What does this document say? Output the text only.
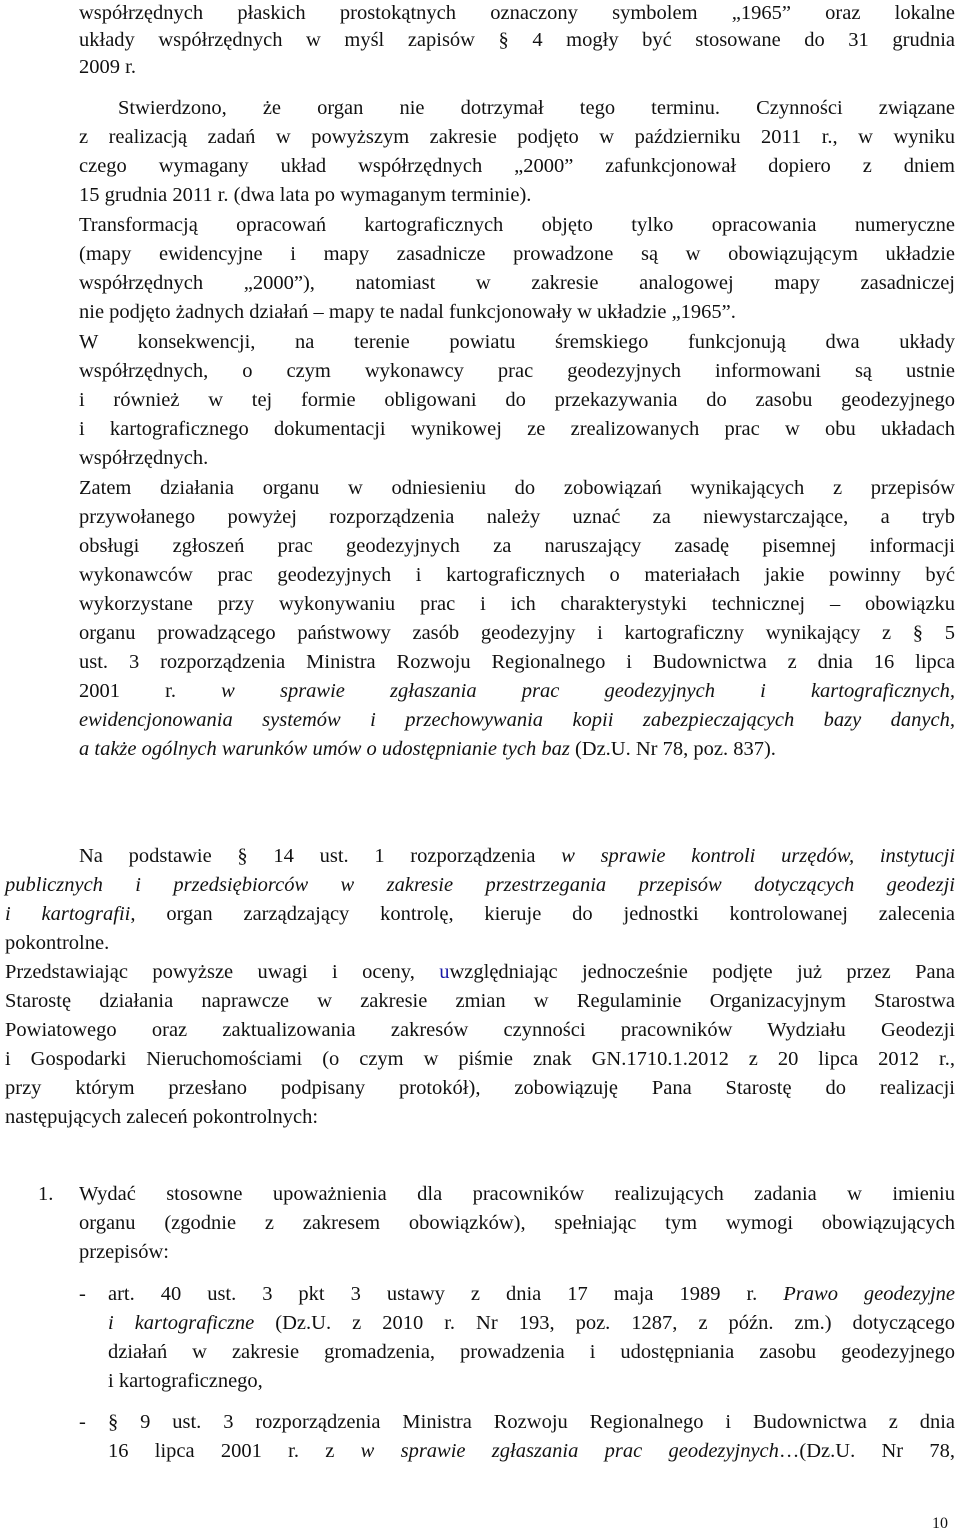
współrzędnych płaskich prostokątnych oznaczony symbolem „1965” oraz lokalne
układy współrzędnych w myśl zapisów § 4 mogły być stosowane do 31 grudnia
2009 r.
Stwierdzono, że organ nie dotrzymał tego terminu. Czynności związane
z realizacją zadań w powyższym zakresie podjęto w październiku 2011 r., w wyniku
czego wymagany układ współrzędnych „2000” zafunkcjonował dopiero z dniem
15 grudnia 2011 r. (dwa lata po wymaganym terminie).
Transformacją opracowań kartograficznych objęto tylko opracowania numeryczne
(mapy ewidencyjne i mapy zasadnicze prowadzone są w obowiązującym układzie
współrzędnych „2000”), natomiast w zakresie analogowej mapy zasadniczej
nie podjęto żadnych działań – mapy te nadal funkcjonowały w układzie „1965”.
W konsekwencji, na terenie powiatu śremskiego funkcjonują dwa układy
współrzędnych, o czym wykonawcy prac geodezyjnych informowani są ustnie
i również w tej formie obligowani do przekazywania do zasobu geodezyjnego
i kartograficznego dokumentacji wynikowej ze zrealizowanych prac w obu układach
współrzędnych.
Zatem działania organu w odniesieniu do zobowiązań wynikających z przepisów
przywołanego powyżej rozporządzenia należy uznać za niewystarczające, a tryb
obsługi zgłoszeń prac geodezyjnych za naruszający zasadę pisemnej informacji
wykonawców prac geodezyjnych i kartograficznych o materiałach jakie powinny być
wykorzystane przy wykonywaniu prac i ich charakterystyki technicznej – obowiązku
organu prowadzącego państwowy zasób geodezyjny i kartograficzny wynikający z § 5
ust. 3 rozporządzenia Ministra Rozwoju Regionalnego i Budownictwa z dnia 16 lipca
2001 r. w sprawie zgłaszania prac geodezyjnych i kartograficznych,
ewidencjonowania systemów i przechowywania kopii zabezpieczających bazy danych,
a także ogólnych warunków umów o udostępnianie tych baz (Dz.U. Nr 78, poz. 837).
Na podstawie § 14 ust. 1 rozporządzenia w sprawie kontroli urzędów, instytucji
publicznych i przedsiębiorców w zakresie przestrzegania przepisów dotyczących geodezji
i kartografii, organ zarządzający kontrolę, kieruje do jednostki kontrolowanej zalecenia
pokontrolne.
Przedstawiając powyższe uwagi i oceny, uwzględniając jednocześnie podjęte już przez Pana
Starostę działania naprawcze w zakresie zmian w Regulaminie Organizacyjnym Starostwa
Powiatowego oraz zaktualizowania zakresów czynności pracowników Wydziału Geodezji
i Gospodarki Nieruchomościami (o czym w piśmie znak GN.1710.1.2012 z 20 lipca 2012 r.,
przy którym przesłano podpisany protokół), zobowiązuję Pana Starostę do realizacji
następujących zaleceń pokontrolnych:
1. Wydać stosowne upoważnienia dla pracowników realizujących zadania w imieniu
organu (zgodnie z zakresem obowiązków), spełniając tym wymogi obowiązujących
przepisów:
- art. 40 ust. 3 pkt 3 ustawy z dnia 17 maja 1989 r. Prawo geodezyjne
i kartograficzne (Dz.U. z 2010 r. Nr 193, poz. 1287, z późn. zm.) dotyczącego
działań w zakresie gromadzenia, prowadzenia i udostępniania zasobu geodezyjnego
i kartograficznego,
- § 9 ust. 3 rozporządzenia Ministra Rozwoju Regionalnego i Budownictwa z dnia
16 lipca 2001 r. z w sprawie zgłaszania prac geodezyjnych…(Dz.U. Nr 78,
10
